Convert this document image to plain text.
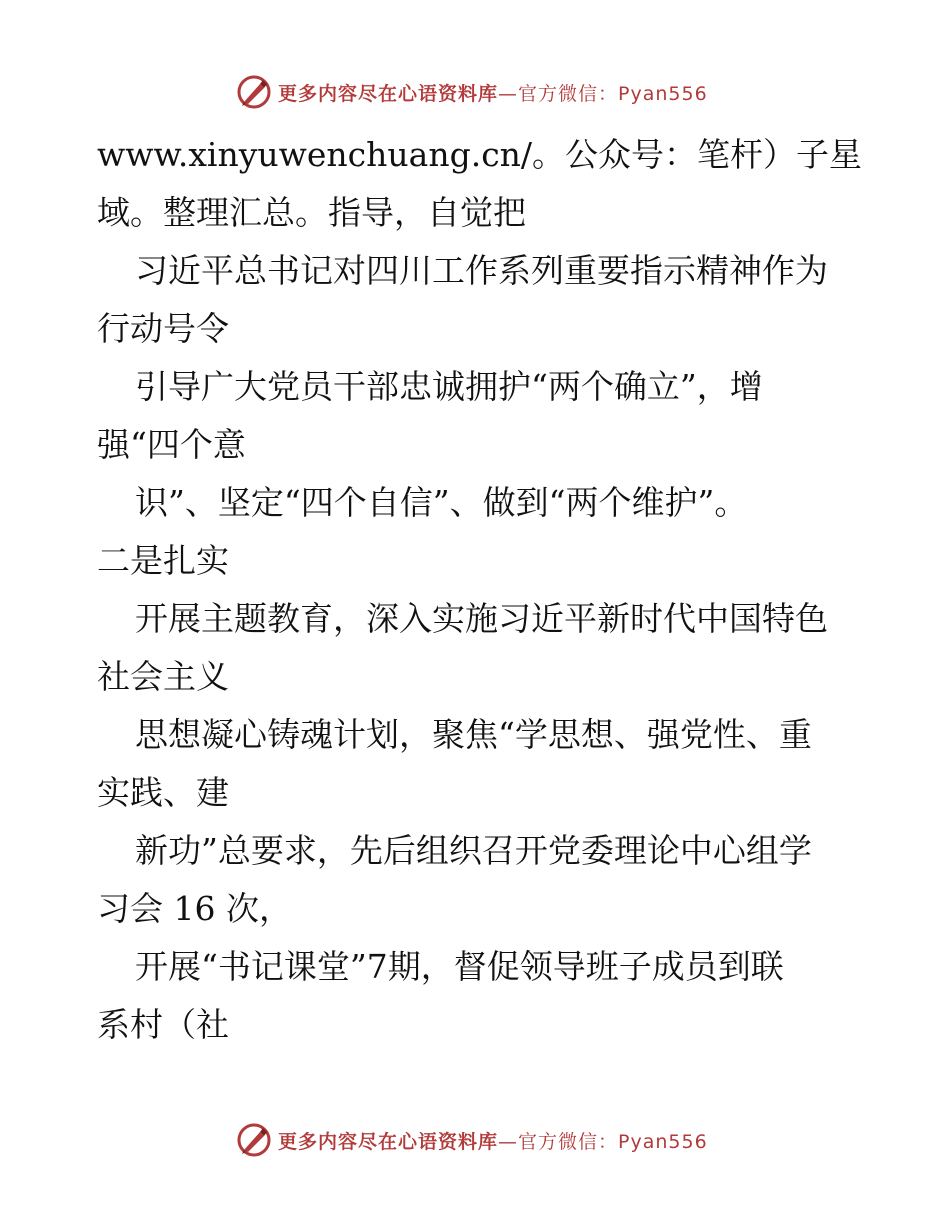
更多内容尽在心语资料库—官方微信：Pyan556
www.xinyuwenchuang.cn/。公众号：笔杆）子星
域。整理汇总。指导，自觉把
习近平总书记对四川工作系列重要指示精神作为
行动号令
引导广大党员干部忠诚拥护“两个确立”，增
强“四个意
识”、坚定“四个自信”、做到“两个维护”。
二是扎实
开展主题教育，深入实施习近平新时代中国特色
社会主义
思想凝心铸魂计划，聚焦“学思想、强党性、重
实践、建
新功”总要求，先后组织召开党委理论中心组学
习会 16 次，
开展“书记课堂”7期，督促领导班子成员到联
系村（社
更多内容尽在心语资料库—官方微信：Pyan556
